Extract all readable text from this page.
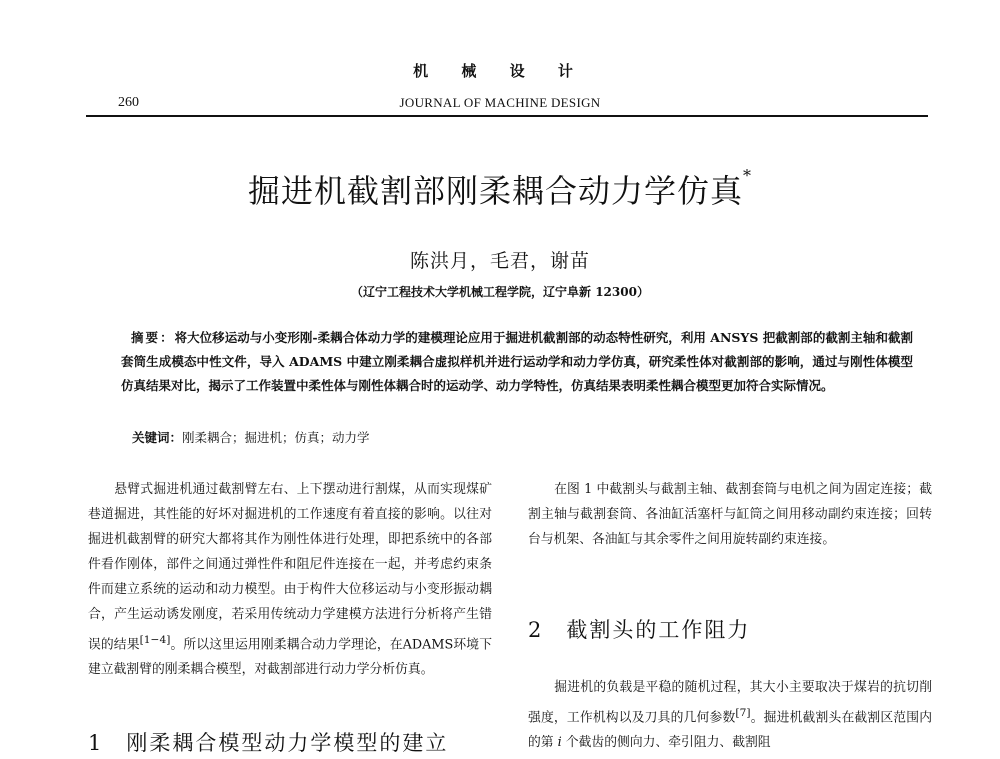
机 械 设 计
260	JOURNAL OF MACHINE DESIGN
掘进机截割部刚柔耦合动力学仿真*
陈洪月，毛君，谢苗
（辽宁工程技术大学机械工程学院，辽宁阜新 12300）
摘要：将大位移运动与小变形刚-柔耦合体动力学的建模理论应用于掘进机截割部的动态特性研究，利用 ANSYS 把截割部的截割主轴和截割套筒生成模态中性文件，导入 ADAMS 中建立刚柔耦合虚拟样机并进行运动学和动力学仿真，研究柔性体对截割部的影响，通过与刚性体模型仿真结果对比，揭示了工作装置中柔性体与刚性体耦合时的运动学、动力学特性，仿真结果表明柔性耦合模型更加符合实际情况。
关键词：刚柔耦合；掘进机；仿真；动力学
悬臂式掘进机通过截割臂左右、上下摆动进行割煤，从而实现煤矿巷道掘进，其性能的好坏对掘进机的工作速度有着直接的影响。以往对掘进机截割臂的研究大都将其作为刚性体进行处理，即把系统中的各部件看作刚体，部件之间通过弹性件和阻尼件连接在一起，并考虑约束条件而建立系统的运动和动力模型。由于构件大位移运动与小变形振动耦合，产生运动诱发刚度，若采用传统动力学建模方法进行分析将产生错误的结果[1−4]。所以这里运用刚柔耦合动力学理论，在ADAMS环境下建立截割臂的刚柔耦合模型，对截割部进行动力学分析仿真。
1　刚柔耦合模型动力学模型的建立
在图 1 中截割头与截割主轴、截割套筒与电机之间为固定连接；截割主轴与截割套筒、各油缸活塞杆与缸筒之间用移动副约束连接；回转台与机架、各油缸与其余零件之间用旋转副约束连接。
2　截割头的工作阻力
掘进机的负载是平稳的随机过程，其大小主要取决于煤岩的抗切削强度，工作机构以及刀具的几何参数[7]。掘进机截割头在截割区范围内的第 i 个截齿的侧向力、牵引阻力、截割阻
